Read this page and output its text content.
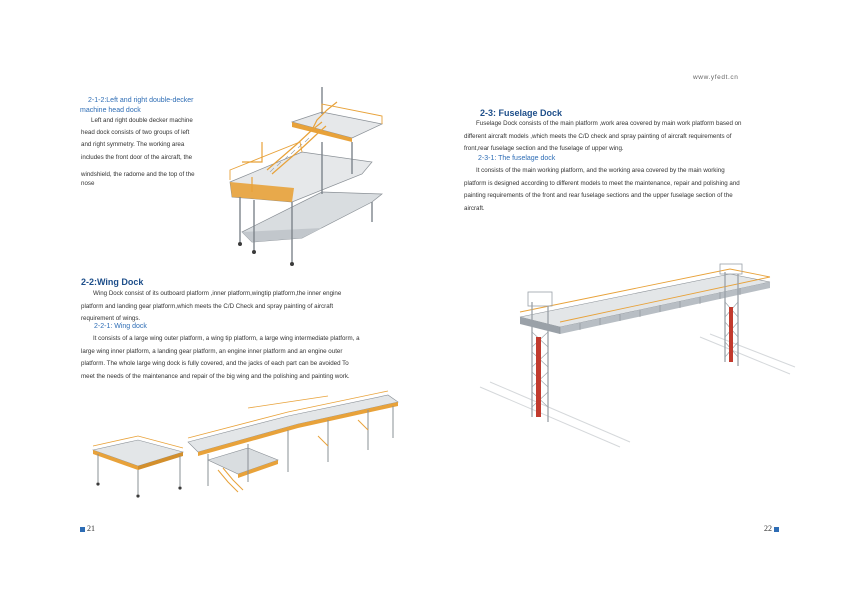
2-1-2:Left and right double-decker
machine head dock
Left and right double decker machine
head dock consists of two groups of left
and right symmetry. The working area
includes the front door of the aircraft, the
windshield, the radome and the top of the
nose
2-2:Wing Dock
Wing Dock consist of its outboard platform ,inner platform,wingtip platform,the inner engine
platform and landing gear platform,which meets the C/D Check and spray painting of aircraft
requirement of wings.
2-2-1: Wing dock
It consists of a large wing outer platform, a wing tip platform, a large wing intermediate platform, a
large wing inner platform, a landing gear platform, an engine inner platform and an engine outer
platform. The whole large wing dock is fully covered, and the jacks of each part can be avoided To
meet the needs of the maintenance and repair of the big wing and the polishing and painting work.
21
www.yfedt.cn
2-3: Fuselage Dock
Fuselage Dock consists of the main platform ,work area covered by main work platform based on
different aircraft models ,which meets the C/D check and spray painting of aircraft requirements of
front,rear fuselage section and the fuselage of upper wing.
2-3-1: The fuselage dock
It consists of the main working platform, and the working area covered by the main working
platform is designed according to different models to meet the maintenance, repair and polishing and
painting requirements of the front and rear fuselage sections and the upper fuselage section of the
aircraft.
22
